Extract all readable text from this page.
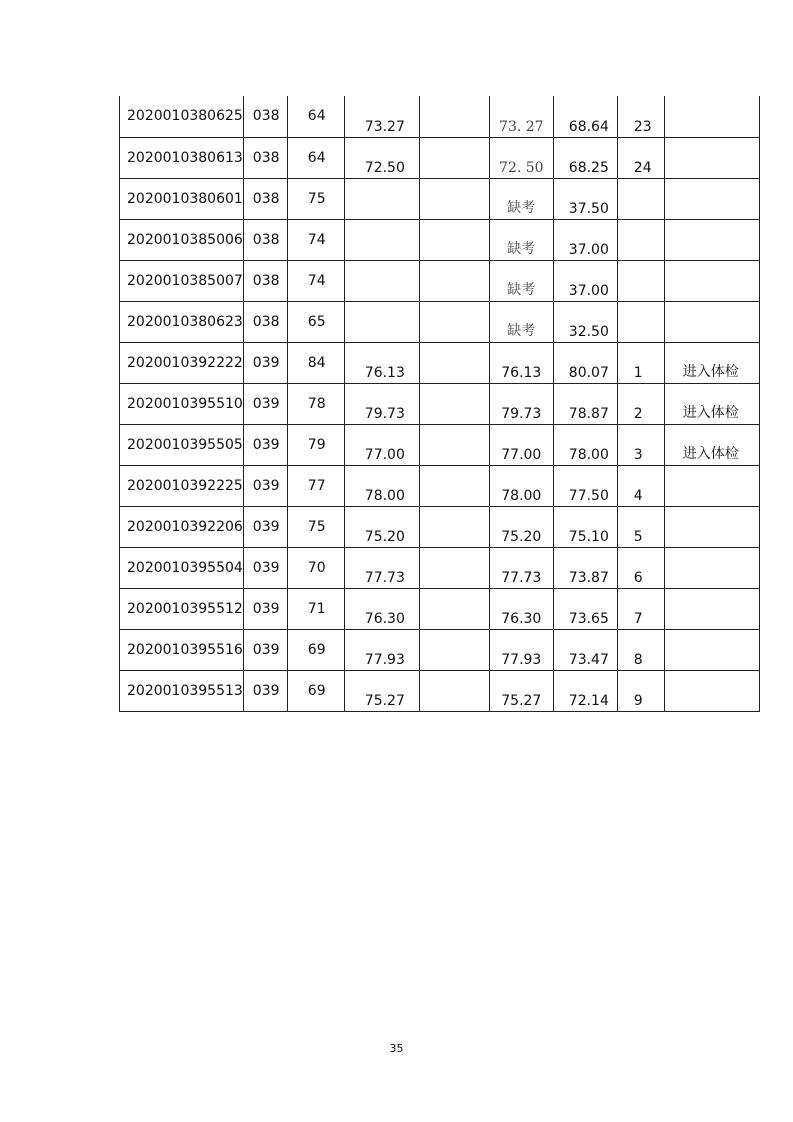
2020010380625	038	64	73.27		73. 27	68.64	23	
2020010380613	038	64	72.50		72. 50	68.25	24	
2020010380601	038	75			缺考	37.50		
2020010385006	038	74			缺考	37.00		
2020010385007	038	74			缺考	37.00		
2020010380623	038	65			缺考	32.50		
2020010392222	039	84	76.13		76.13	80.07	1	进入体检
2020010395510	039	78	79.73		79.73	78.87	2	进入体检
2020010395505	039	79	77.00		77.00	78.00	3	进入体检
2020010392225	039	77	78.00		78.00	77.50	4	
2020010392206	039	75	75.20		75.20	75.10	5	
2020010395504	039	70	77.73		77.73	73.87	6	
2020010395512	039	71	76.30		76.30	73.65	7	
2020010395516	039	69	77.93		77.93	73.47	8	
2020010395513	039	69	75.27		75.27	72.14	9	
35
